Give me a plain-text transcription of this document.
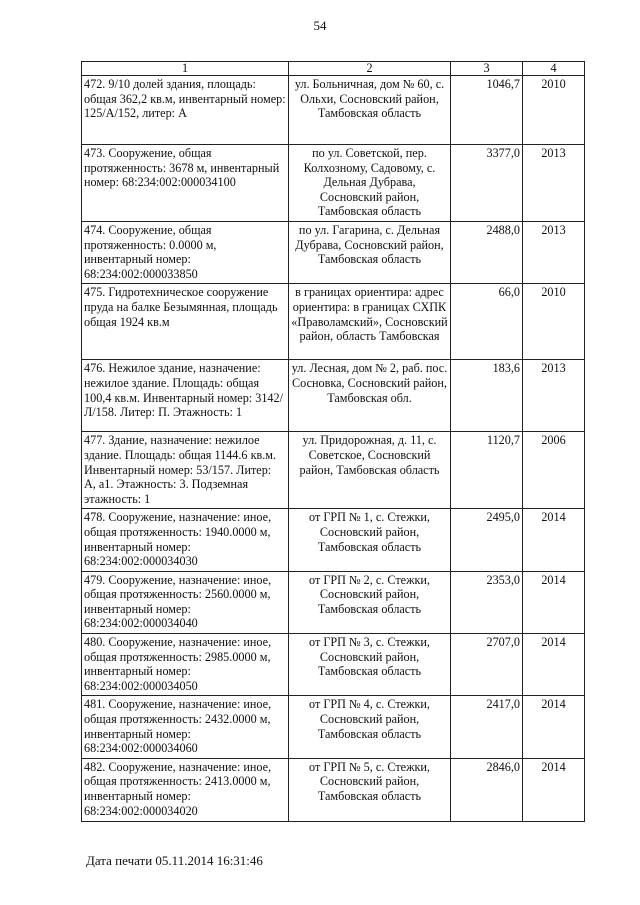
54
1	2	3	4
472. 9/10 долей здания, площадь: общая 362,2 кв.м, инвентарный номер: 125/А/152, литер: А	ул. Больничная, дом № 60, с. Ольхи, Сосновский район, Тамбовская область	1046,7	2010
473. Сооружение, общая протяженность: 3678 м, инвентарный номер: 68:234:002:000034100	по ул. Советской, пер. Колхозному, Садовому, с. Дельная Дубрава, Сосновский район, Тамбовская область	3377,0	2013
474. Сооружение, общая протяженность: 0.0000 м, инвентарный номер: 68:234:002:000033850	по ул. Гагарина, с. Дельная Дубрава, Сосновский район, Тамбовская область	2488,0	2013
475. Гидротехническое сооружение пруда на балке Безымянная, площадь общая 1924 кв.м	в границах ориентира: адрес ориентира: в границах СХПК «Праволамский», Сосновский район, область Тамбовская	66,0	2010
476. Нежилое здание, назначение: нежилое здание. Площадь: общая 100,4 кв.м. Инвентарный номер: 3142/Л/158. Литер: П. Этажность: 1	ул. Лесная, дом № 2, раб. пос. Сосновка, Сосновский район, Тамбовская обл.	183,6	2013
477. Здание, назначение: нежилое здание. Площадь: общая 1144.6 кв.м. Инвентарный номер: 53/157. Литер: А, а1. Этажность: 3. Подземная этажность: 1	ул. Придорожная, д. 11, с. Советское, Сосновский район, Тамбовская область	1120,7	2006
478. Сооружение, назначение: иное, общая протяженность: 1940.0000 м, инвентарный номер: 68:234:002:000034030	от ГРП № 1, с. Стежки, Сосновский район, Тамбовская область	2495,0	2014
479. Сооружение, назначение: иное, общая протяженность: 2560.0000 м, инвентарный номер: 68:234:002:000034040	от ГРП № 2, с. Стежки, Сосновский район, Тамбовская область	2353,0	2014
480. Сооружение, назначение: иное, общая протяженность: 2985.0000 м, инвентарный номер: 68:234:002:000034050	от ГРП № 3, с. Стежки, Сосновский район, Тамбовская область	2707,0	2014
481. Сооружение, назначение: иное, общая протяженность: 2432.0000 м, инвентарный номер: 68:234:002:000034060	от ГРП № 4, с. Стежки, Сосновский район, Тамбовская область	2417,0	2014
482. Сооружение, назначение: иное, общая протяженность: 2413.0000 м, инвентарный номер: 68:234:002:000034020	от ГРП № 5, с. Стежки, Сосновский район, Тамбовская область	2846,0	2014
Дата печати 05.11.2014 16:31:46
